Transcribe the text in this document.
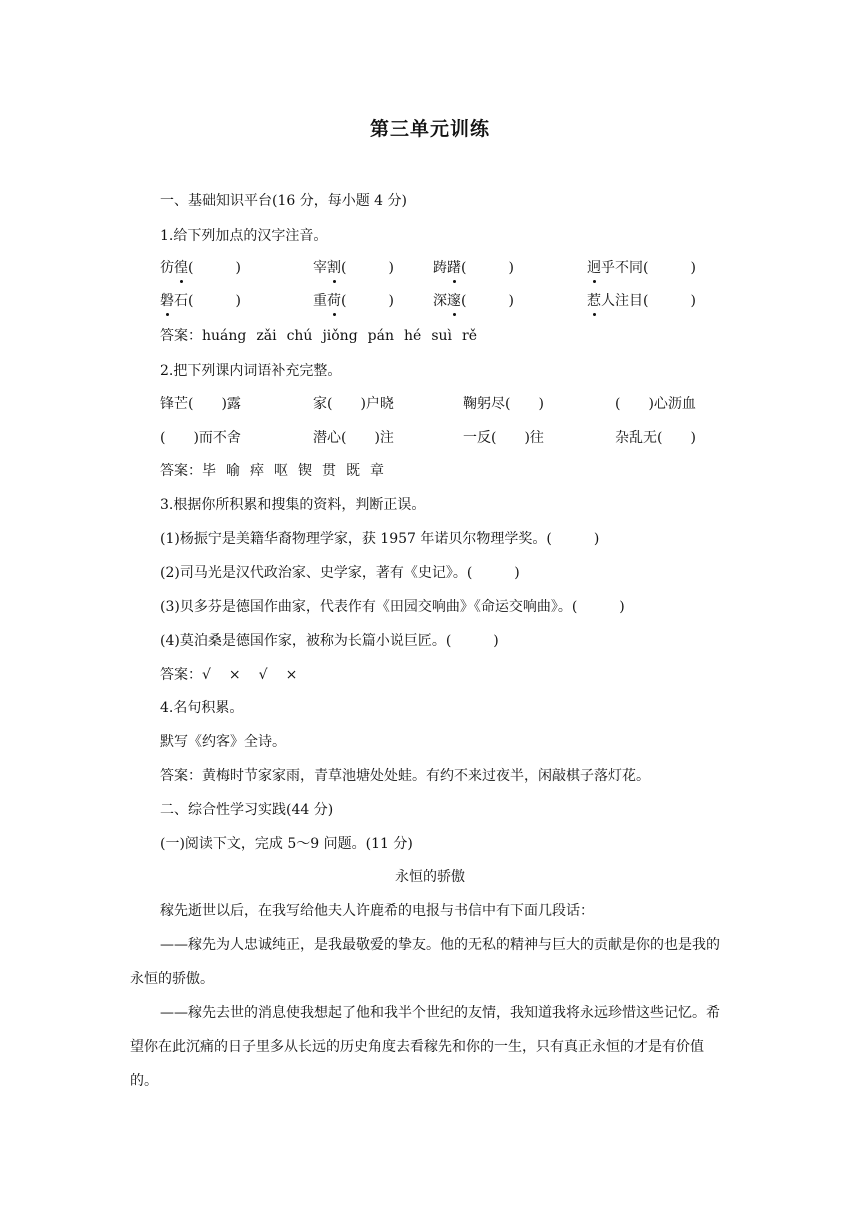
第三单元训练
一、基础知识平台(16 分，每小题 4 分)
1.给下列加点的汉字注音。
彷徨(　　　)	宰割(　　　)	踌躇(　　　)	迥乎不同(　　　)
磐石(　　　)	重荷(　　　)	深邃(　　　)	惹人注目(　　　)
答案：huáng zǎi chú jiǒng pán hé suì rě
2.把下列课内词语补充完整。
锋芒(　　)露	家(　　)户晓	鞠躬尽(　　)	(　　)心沥血
(　　)而不舍	潜心(　　)注	一反(　　)往	杂乱无(　　)
答案：毕 喻 瘁 呕 锲 贯 既 章
3.根据你所积累和搜集的资料，判断正误。
(1)杨振宁是美籍华裔物理学家，获 1957 年诺贝尔物理学奖。(　　　)
(2)司马光是汉代政治家、史学家，著有《史记》。(　　　)
(3)贝多芬是德国作曲家，代表作有《田园交响曲》《命运交响曲》。(　　　)
(4)莫泊桑是德国作家，被称为长篇小说巨匠。(　　　)
答案：√ × √ ×
4.名句积累。
默写《约客》全诗。
答案：黄梅时节家家雨，青草池塘处处蛙。有约不来过夜半，闲敲棋子落灯花。
二、综合性学习实践(44 分)
(一)阅读下文，完成 5～9 问题。(11 分)
永恒的骄傲
稼先逝世以后，在我写给他夫人许鹿希的电报与书信中有下面几段话：
——稼先为人忠诚纯正，是我最敬爱的挚友。他的无私的精神与巨大的贡献是你的也是我的永恒的骄傲。
——稼先去世的消息使我想起了他和我半个世纪的友情，我知道我将永远珍惜这些记忆。希望你在此沉痛的日子里多从长远的历史角度去看稼先和你的一生，只有真正永恒的才是有价值的。
